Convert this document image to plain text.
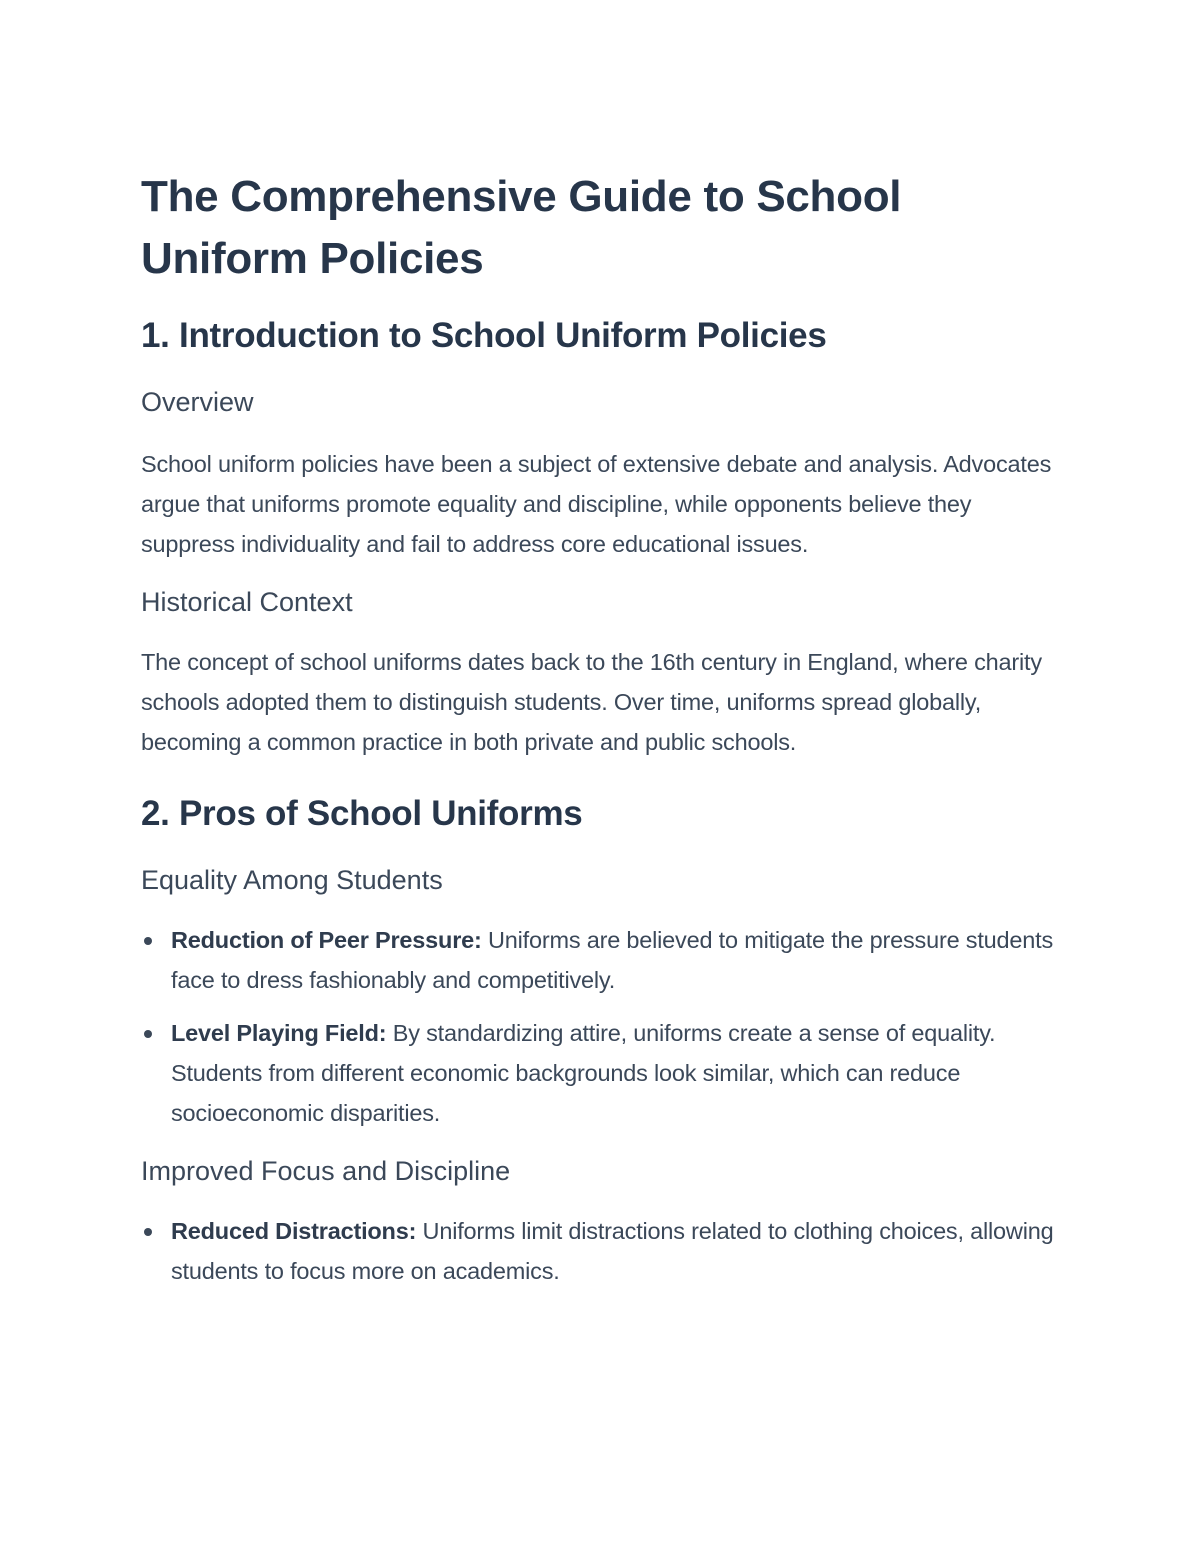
The Comprehensive Guide to School Uniform Policies
1. Introduction to School Uniform Policies
Overview

School uniform policies have been a subject of extensive debate and analysis. Advocates argue that uniforms promote equality and discipline, while opponents believe they suppress individuality and fail to address core educational issues.

Historical Context

The concept of school uniforms dates back to the 16th century in England, where charity schools adopted them to distinguish students. Over time, uniforms spread globally, becoming a common practice in both private and public schools.

2. Pros of School Uniforms
Equality Among Students
Reduction of Peer Pressure: Uniforms are believed to mitigate the pressure students face to dress fashionably and competitively.
Level Playing Field: By standardizing attire, uniforms create a sense of equality. Students from different economic backgrounds look similar, which can reduce socioeconomic disparities.
Improved Focus and Discipline
Reduced Distractions: Uniforms limit distractions related to clothing choices, allowing students to focus more on academics.
